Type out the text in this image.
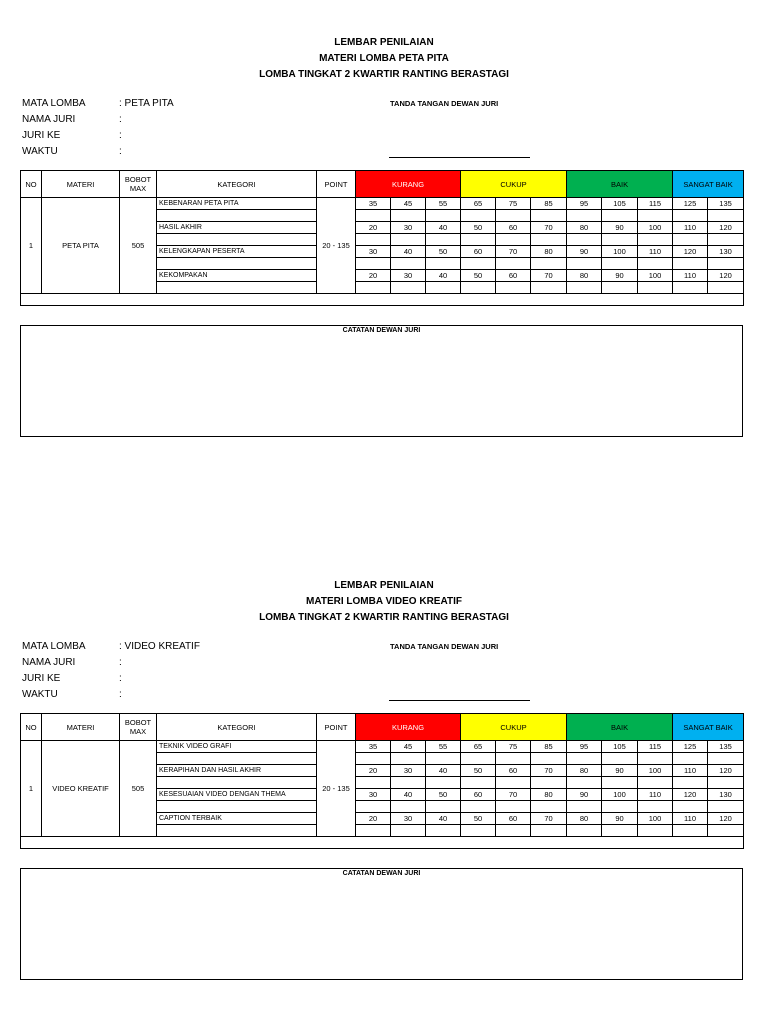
LEMBAR PENILAIAN
MATERI LOMBA PETA PITA
LOMBA TINGKAT 2 KWARTIR RANTING BERASTAGI
MATA LOMBA	: PETA PITA
NAMA JURI	:
JURI KE	:
WAKTU	:
TANDA TANGAN DEWAN JURI
NO	MATERI	BOBOT MAX	KATEGORI	POINT	KURANG			CUKUP			BAIK			SANGAT BAIK	
1	PETA PITA	505	KEBENARAN PETA PITA	20 - 135	35	45	55	65	75	85	95	105	115	125	135

			HASIL AKHIR		20	30	40	50	60	70	80	90	100	110	120

			KELENGKAPAN PESERTA		30	40	50	60	70	80	90	100	110	120	130

			KEKOMPAKAN		20	30	40	50	60	70	80	90	100	110	120

CATATAN DEWAN JURI
LEMBAR PENILAIAN
MATERI LOMBA VIDEO KREATIF
LOMBA TINGKAT 2 KWARTIR RANTING BERASTAGI
MATA LOMBA	: VIDEO KREATIF
NAMA JURI	:
JURI KE	:
WAKTU	:
TANDA TANGAN DEWAN JURI
NO	MATERI	BOBOT MAX	KATEGORI	POINT	KURANG			CUKUP			BAIK			SANGAT BAIK	
1	VIDEO KREATIF	505	TEKNIK VIDEO GRAFI	20 - 135	35	45	55	65	75	85	95	105	115	125	135

			KERAPIHAN DAN HASIL AKHIR		20	30	40	50	60	70	80	90	100	110	120

			KESESUAIAN VIDEO DENGAN THEMA		30	40	50	60	70	80	90	100	110	120	130

			CAPTION TERBAIK		20	30	40	50	60	70	80	90	100	110	120

CATATAN DEWAN JURI
